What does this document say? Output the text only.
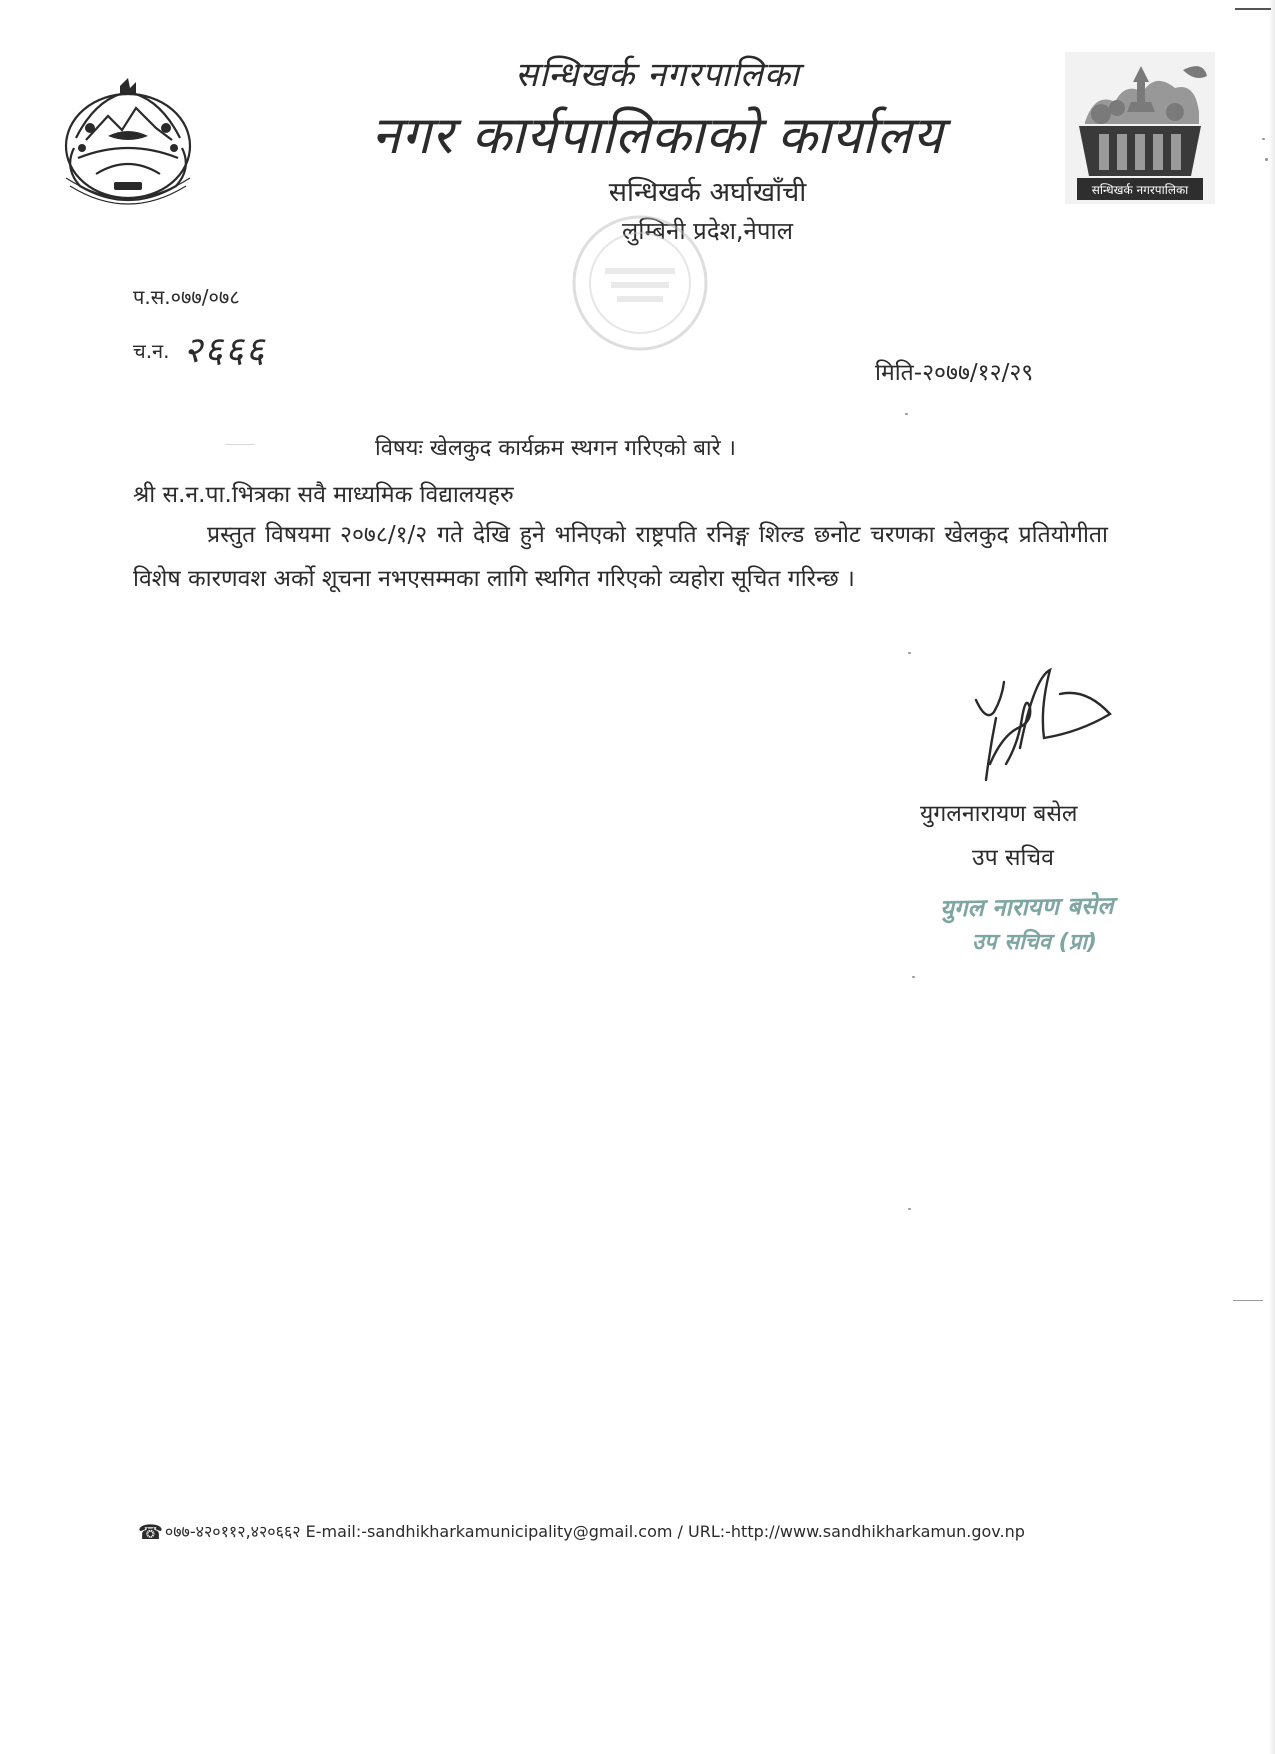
सन्धिखर्क नगरपालिका
नगर कार्यपालिकाको कार्यालय
सन्धिखर्क अर्घाखाँची
लुम्बिनी प्रदेश,नेपाल
सन्धिखर्क नगरपालिका
प.स.०७७/०७८
च.न. २६६६
मिति-२०७७/१२/२९
विषयः खेलकुद कार्यक्रम स्थगन गरिएको बारे ।
श्री स.न.पा.भित्रका सवै माध्यमिक विद्यालयहरु
प्रस्तुत विषयमा २०७८/१/२ गते देखि हुने भनिएको राष्ट्रपति रनिङ्ग शिल्ड छनोट चरणका खेलकुद प्रतियोगीता विशेष कारणवश अर्को शूचना नभएसम्मका लागि स्थगित गरिएको व्यहोरा सूचित गरिन्छ ।
युगलनारायण बसेल
उप सचिव
युगल नारायण बसेल
उप सचिव (प्रा)
☎ ०७७-४२०११२,४२०६६२ E-mail:-sandhikharkamunicipality@gmail.com / URL:-http://www.sandhikharkamun.gov.np
